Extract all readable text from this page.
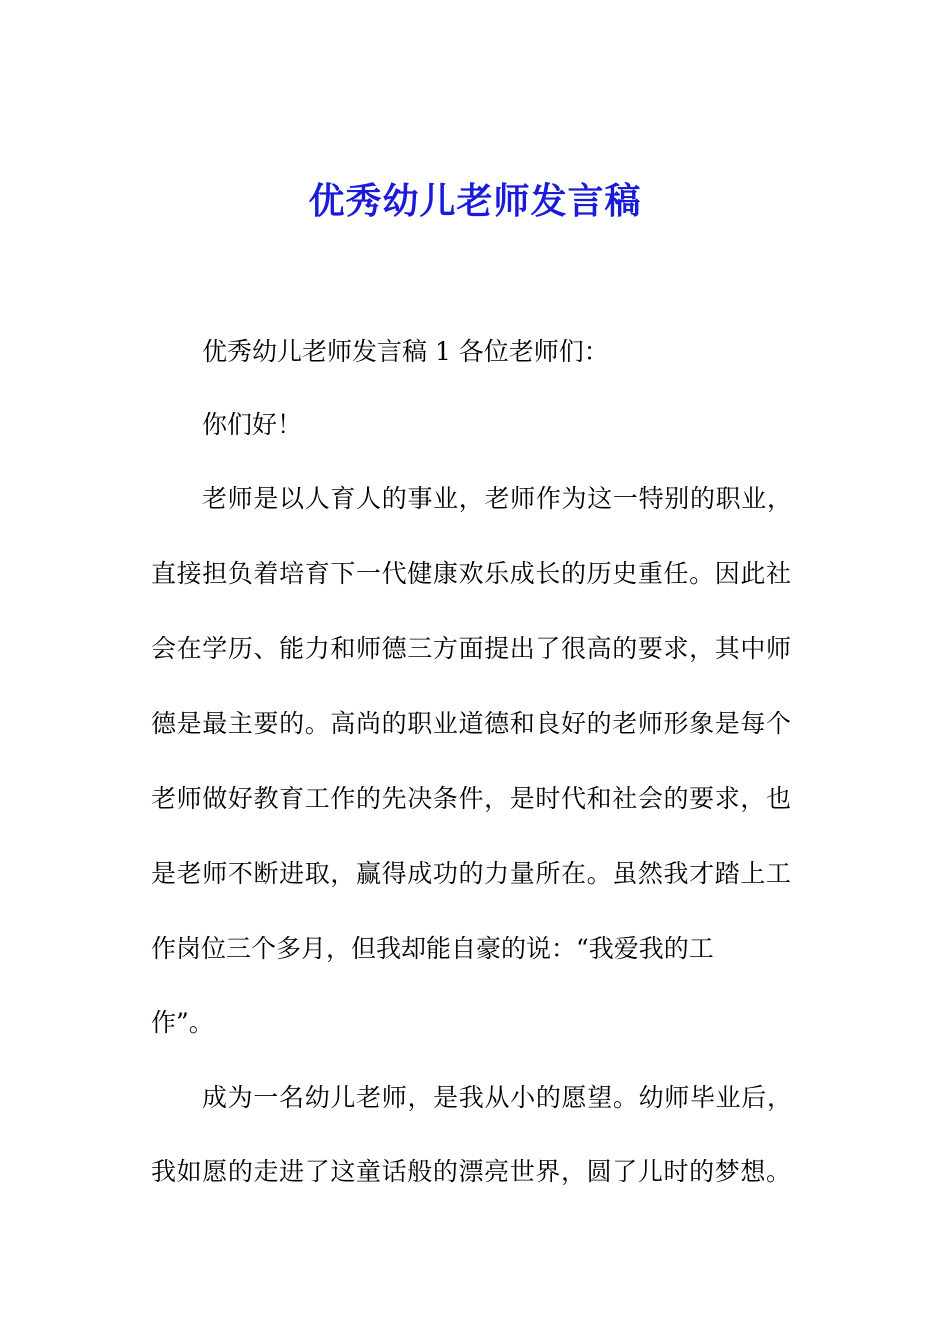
优秀幼儿老师发言稿
优秀幼儿老师发言稿 1 各位老师们：
你们好！
老师是以人育人的事业，老师作为这一特别的职业，
直接担负着培育下一代健康欢乐成长的历史重任。因此社
会在学历、能力和师德三方面提出了很高的要求，其中师
德是最主要的。高尚的职业道德和良好的老师形象是每个
老师做好教育工作的先决条件，是时代和社会的要求，也
是老师不断进取，赢得成功的力量所在。虽然我才踏上工
作岗位三个多月，但我却能自豪的说：“我爱我的工
作”。
成为一名幼儿老师，是我从小的愿望。幼师毕业后，
我如愿的走进了这童话般的漂亮世界，圆了儿时的梦想。
